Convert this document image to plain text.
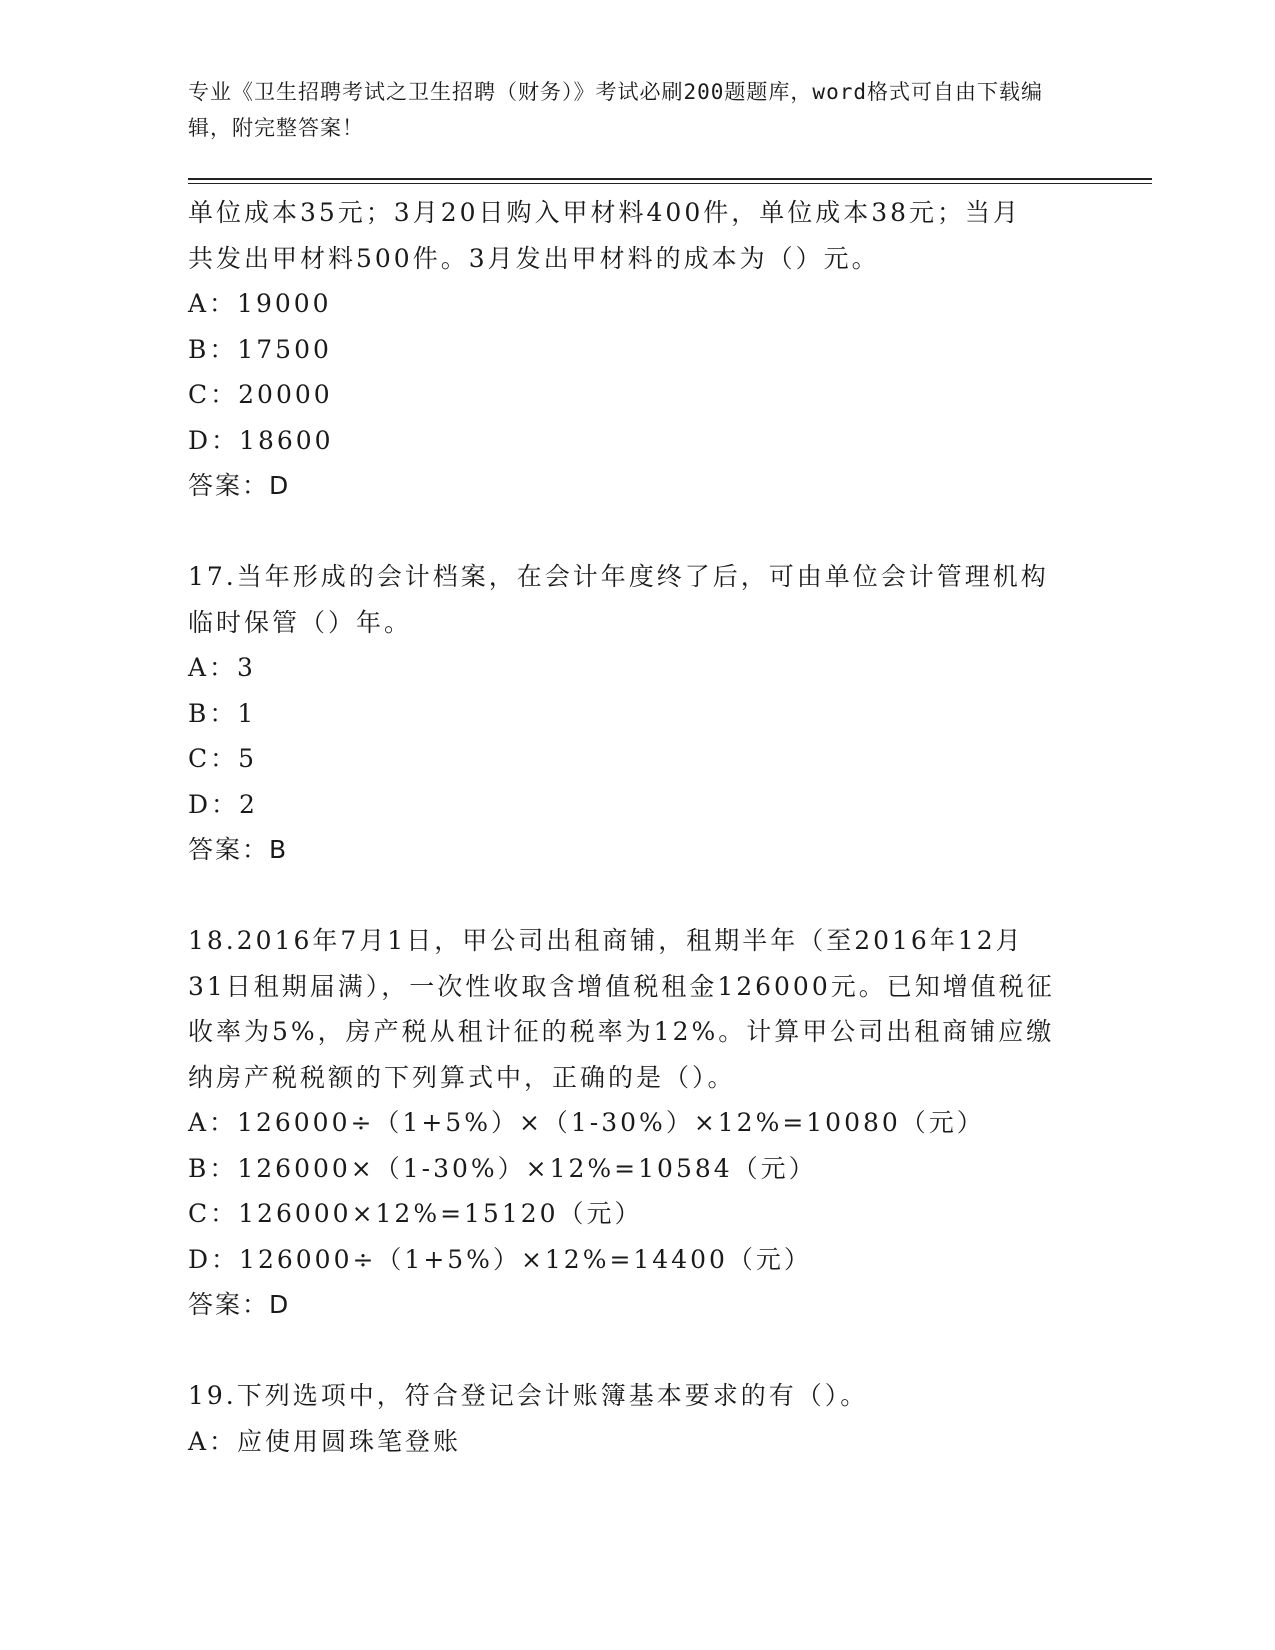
专业《卫生招聘考试之卫生招聘（财务）》考试必刷200题题库，word格式可自由下载编辑，附完整答案！

单位成本35元；3月20日购入甲材料400件，单位成本38元；当月

共发出甲材料500件。3月发出甲材料的成本为（）元。

A：19000

B：17500

C：20000

D：18600

答案：D

17.当年形成的会计档案，在会计年度终了后，可由单位会计管理机构

临时保管（）年。

A：3

B：1

C：5

D：2

答案：B

18.2016年7月1日，甲公司出租商铺，租期半年（至2016年12月

31日租期届满），一次性收取含增值税租金126000元。已知增值税征

收率为5%，房产税从租计征的税率为12%。计算甲公司出租商铺应缴

纳房产税税额的下列算式中，正确的是（）。

A：126000÷（1+5%）×（1-30%）×12%=10080（元）

B：126000×（1-30%）×12%=10584（元）

C：126000×12%=15120（元）

D：126000÷（1+5%）×12%=14400（元）

答案：D

19.下列选项中，符合登记会计账簿基本要求的有（）。

A：应使用圆珠笔登账
